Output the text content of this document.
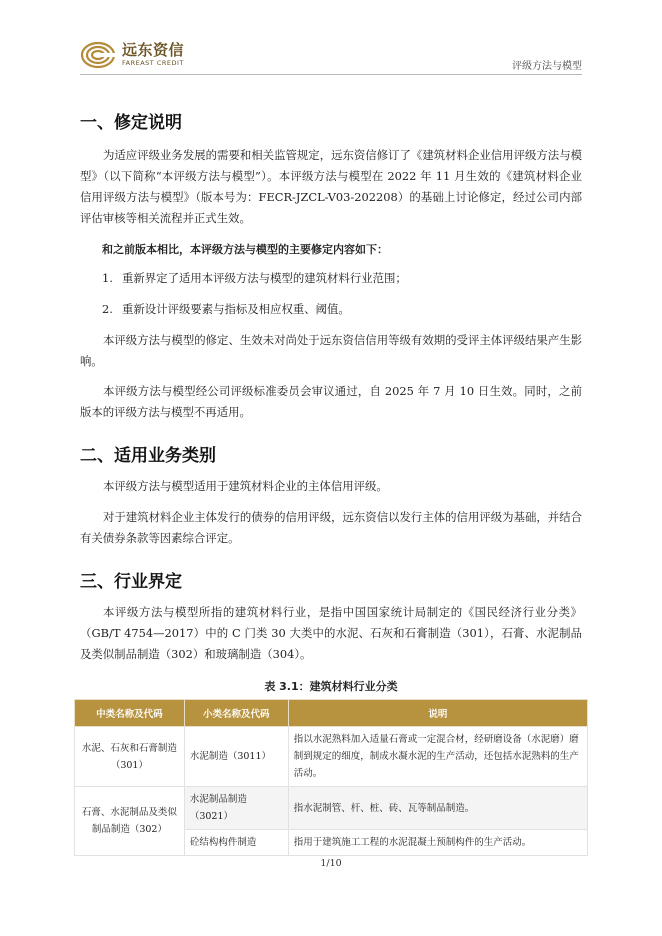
远东资信
FAREAST CREDIT	评级方法与模型
一、修定说明

为适应评级业务发展的需要和相关监管规定，远东资信修订了《建筑材料企业信用评级方法与模型》（以下简称“本评级方法与模型”）。本评级方法与模型在 2022 年 11 月生效的《建筑材料企业信用评级方法与模型》（版本号为：FECR-JZCL-V03-202208）的基础上讨论修定，经过公司内部评估审核等相关流程并正式生效。

和之前版本相比，本评级方法与模型的主要修定内容如下：
1. 重新界定了适用本评级方法与模型的建筑材料行业范围；
2. 重新设计评级要素与指标及相应权重、阈值。

本评级方法与模型的修定、生效未对尚处于远东资信信用等级有效期的受评主体评级结果产生影响。

本评级方法与模型经公司评级标准委员会审议通过，自 2025 年 7 月 10 日生效。同时，之前版本的评级方法与模型不再适用。

二、适用业务类别

本评级方法与模型适用于建筑材料企业的主体信用评级。

对于建筑材料企业主体发行的债券的信用评级，远东资信以发行主体的信用评级为基础，并结合有关债券条款等因素综合评定。

三、行业界定

本评级方法与模型所指的建筑材料行业，是指中国国家统计局制定的《国民经济行业分类》（GB/T 4754—2017）中的 C 门类 30 大类中的水泥、石灰和石膏制造（301），石膏、水泥制品及类似制品制造（302）和玻璃制造（304）。

表 3.1：建筑材料行业分类
中类名称及代码	小类名称及代码	说明
水泥、石灰和石膏制造（301）	水泥制造（3011）	指以水泥熟料加入适量石膏或一定混合材，经研磨设备（水泥磨）磨制到规定的细度，制成水凝水泥的生产活动，还包括水泥熟料的生产活动。
石膏、水泥制品及类似制品制造（302）	水泥制品制造（3021）	指水泥制管、杆、桩、砖、瓦等制品制造。
	砼结构构件制造	指用于建筑施工工程的水泥混凝土预制构件的生产活动。
1/10
